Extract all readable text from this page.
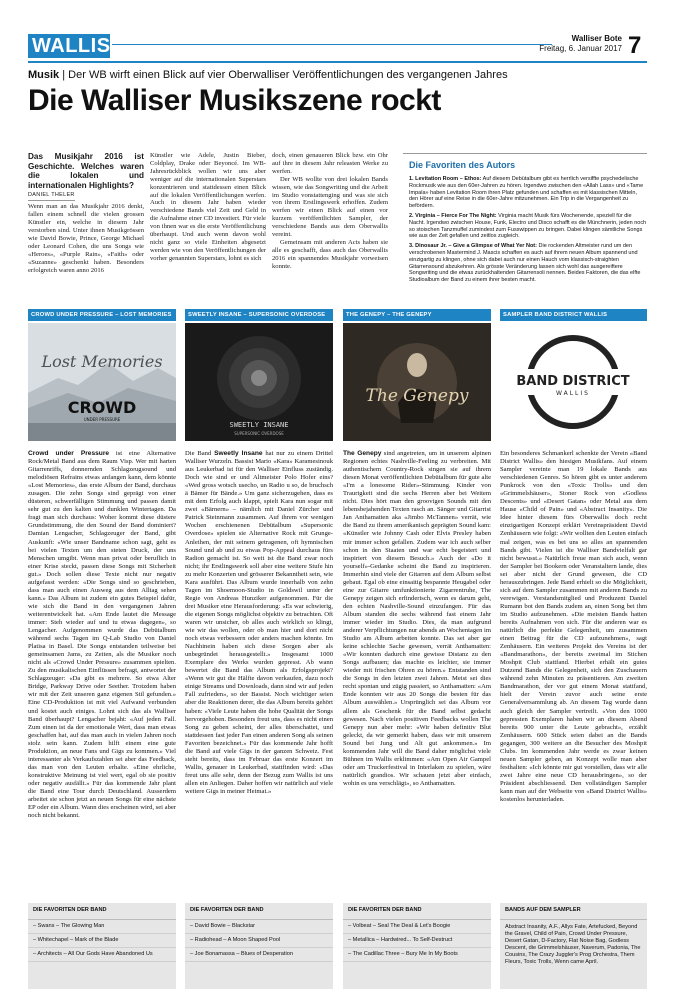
WALLIS	Walliser Bote
Freitag, 6. Januar 2017 7
Musik | Der WB wirft einen Blick auf vier Oberwalliser Veröffentlichungen des vergangenen Jahres
Die Walliser Musikszene rockt

Das Musikjahr 2016 ist Geschichte. Welches waren die lokalen und internationalen Highlights?

DANIEL THELER

Wenn man an das Musikjahr 2016 denkt, fallen einem schnell die vielen grossen Künstler ein, welche in diesem Jahr verstorben sind. Unter ihnen Musikgrössen wie David Bowie, Prince, George Michael oder Leonard Cohen, die uns Songs wie «Heroes», «Purple Rain», «Faith» oder «Suzanne» geschenkt haben. Besonders erfolgreich waren anno 2016

Künstler wie Adele, Justin Bieber, Coldplay, Drake oder Beyoncé. Im WB-Jahresrückblick wollen wir uns aber weniger auf die internationalen Superstars konzentrieren und stattdessen einen Blick auf die lokalen Veröffentlichungen werfen. Auch in diesem Jahr haben wieder verschiedene Bands viel Zeit und Geld in die Aufnahme einer CD investiert. Für viele von ihnen war es die erste Veröffentlichung überhaupt. Und auch wenn davon wohl nicht ganz so viele Einheiten abgesetzt werden wie von den Veröffentlichungen der vorher genannten Superstars, lohnt es sich

doch, einen genaueren Blick bzw. ein Ohr auf ihre in diesem Jahr releasten Werke zu werfen.

Der WB wollte von drei lokalen Bands wissen, wie das Songwriting und die Arbeit im Studio vonstattenging und was sie sich von ihrem Erstlingswerk erhoffen. Zudem werfen wir einen Blick auf einen vor kurzem veröffentlichten Sampler, der verschiedene Bands aus dem Oberwallis vereint.

Gemeinsam mit anderen Acts haben sie alle es geschafft, dass auch das Oberwallis 2016 ein spannendes Musikjahr vorweisen konnte.

Die Favoriten des Autors
1. Levitation Room – Ethos: Auf diesem Debütalbum gibt es herrlich versiffte psychedelische Rockmusik wie aus den 60er-Jahren zu hören. Irgendwo zwischen den «Allah Lass» und «Tame Impala» haben Levitation Room ihren Platz gefunden und schaffen es mit klassischen Mitteln, den Hörer auf eine Reise in die 60er-Jahre mitzunehmen. Ein Trip in die Vergangenheit zu befördern.
2. Virginia – Fierce For The Night: Virginia macht Musik fürs Wochenende, speziell für die Nacht. Irgendwo zwischen House, Funk, Electro und Disco schafft es die Münchnerin, jeden noch so stoischen Tanzmuffel zumindest zum Fusswippen zu bringen. Dabei klingen sämtliche Songs wie aus der Zeit gefallen und zeitlos zugleich.
3. Dinosaur Jr. – Give a Glimpse of What Yer Not: Die rockenden Altmeister rund um den verschrobenen Mastermind J. Mascis schaffen es auch auf ihrem neuen Album spannend und einzigartig zu klingen, ohne sich dabei auch nur einen Hauch vom klassisch-straighten Gitarrensound abzukehren. Als grösste Veränderung lassen sich wohl das ausgereiftere Songwriting und die etwas zurückhaltenden Gitarrensoli nennen. Beides Faktoren, die das elfte Studioalbum der Band zu einem ihrer besten macht.
CROWD UNDER PRESSURE – LOST MEMORIES
Lost Memories
CROWD
UNDER PRESSURE

Crowd under Pressure ist eine Alternative Rock/Metal Band aus dem Raum Visp. Wer mit harten Gitarrenriffs, donnernden Schlagzeugsound und melodiösen Refrains etwas anfangen kann, dem könnte «Lost Memories», das erste Album der Band, durchaus zusagen. Die zehn Songs sind geprägt von einer düsteren, schwerfälligen Stimmung und passen damit sehr gut zu den kalten und dunklen Wintertagen. Da fragt man sich durchaus: Woher kommt diese düstere Grundstimmung, die den Sound der Band dominiert? Damian Lengacher, Schlagzeuger der Band, gibt Auskunft: «Wie unser Bandname schon sagt, geht es bei vielen Texten um den steten Druck, der uns Menschen umgibt. Wenn man privat oder beruflich in einer Krise steckt, passen diese Songs mit Sicherheit gut.» Doch sollen diese Texte nicht nur negativ aufgefasst werden: «Die Songs sind so geschrieben, dass man auch einen Ausweg aus dem Alltag sehen kann.» Das Album ist zudem ein gutes Beispiel dafür, wie sich die Band in den vergangenen Jahren weiterentwickelt hat. «Am Ende lautet die Message immer: Steh wieder auf und tu etwas dagegen», so Lengacher. Aufgenommen wurde das Debütalbum während sechs Tagen im Q-Lab Studio von Daniel Platisa in Basel. Die Songs entstanden teilweise bei gemeinsamen Jams, zu Zeiten, als die Musiker noch nicht als «Crowd Under Pressure» zusammen spielten. Zu den musikalischen Einflüssen befragt, antwortet der Schlagzeuger: «Da gibt es mehrere. So etwa Alter Bridge, Parkway Drive oder Seether. Trotzdem haben wir mit der Zeit unseren ganz eigenen Stil gefunden.» Eine CD-Produktion ist mit viel Aufwand verbunden und kostet auch einiges. Lohnt sich das als Walliser Band überhaupt? Lengacher bejaht: «Auf jeden Fall. Zum einen ist da der emotionale Wert, dass man etwas geschaffen hat, auf das man auch in vielen Jahren noch stolz sein kann. Zudem hilft einem eine gute Produktion, an neue Fans und Gigs zu kommen.» Viel interessanter als Verkaufszahlen sei aber das Feedback, das man von den Leuten erhalte. «Eine ehrliche, konstruktive Meinung ist viel wert, egal ob sie positiv oder negativ ausfällt.» Für das kommende Jahr plant die Band eine Tour durch Deutschland. Ausserdem arbeitet sie schon jetzt an neuen Songs für eine nächste EP oder ein Album. Wann dies erscheinen wird, sei aber noch nicht bekannt.

SWEETLY INSANE – SUPERSONIC OVERDOSE
SWEETLY INSANE
SUPERSONIC OVERDOSE

Die Band Sweetly Insane hat nur zu einem Drittel Walliser Wurzeln. Bassist Mario «Kara» Karamesinouk aus Leukerbad ist für den Walliser Einfluss zuständig. Doch wie sind er und Altmeister Polo Hofer eins? «Wed gross wotsch usecho, un Radio u so, de bruchsch ä Bämer für Bände.» Um ganz sicherzugehen, dass es mit dem Erfolg auch klappt, spielt Kara nun sogar mit zwei «Bärnern» – nämlich mit Daniel Zürcher und Patrick Steinmann zusammen. Auf ihrem vor wenigen Wochen erschienenen Debütalbum «Supersonic Overdose» spielen sie Alternative Rock mit Grunge-Anleihen, der mit seinem getragenen, oft hymnischen Sound und ab und zu etwas Pop-Appeal durchaus fürs Radion gemacht ist. So weit ist die Band zwar noch nicht; ihr Erstlingswerk soll aber eine weitere Stufe hin zu mehr Konzerten und grösserer Bekanntheit sein, wie Kara ausführt. Das Album wurde innerhalb von zehn Tagen im Shoemoon-Studio in Goldswil unter der Regie von Andreas Hunziker aufgenommen. Für die drei Musiker eine Herausforderung: «Es war schwierig, die eigenen Songs möglichst objektiv zu betrachten. Oft waren wir unsicher, ob alles auch wirklich so klingt, wie wir das wollen, oder ob man hier und dort nicht noch etwas verbessern oder anders machen könnte. Im Nachhinein haben sich diese Sorgen aber als unbegründet herausgestellt.» Insgesamt 1000 Exemplare des Werks wurden gepresst. Ab wann bewertet die Band das Album als Erfolgsprojekt? «Wenn wir gut die Hälfte davon verkaufen, dazu noch einige Streams und Downloads, dann sind wir auf jeden Fall zufrieden», so der Bassist. Noch wichtiger seien aber die Reaktionen derer, die das Album bereits gehört haben: «Viele Leute haben die hohe Qualität der Songs hervorgehoben. Besonders freut uns, dass es nicht einen Song zu geben scheint, der alles überschattet, und stattdessen fast jeder Fan einen anderen Song als seinen Favoriten bezeichnet.» Für das kommende Jahr hofft die Band auf viele Gigs in der ganzen Schweiz. Fest steht bereits, dass im Februar das erste Konzert im Wallis, genauer in Leukerbad, stattfinden wird: «Das freut uns alle sehr, denn der Bezug zum Wallis ist uns allen ein Anliegen. Daher hoffen wir natürlich auf viele weitere Gigs in meiner Heimat.»

THE GENEPY – THE GENEPY
The Genepy

The Genepy sind angetreten, um in unserem alpinen Regionen echtes Nashville-Feeling zu verbreiten. Mit authentischem Country-Rock singen sie auf ihrem diesen Monat veröffentlichten Debütalbum für gute alte «I'm a lonesome Rider»-Stimmung. Kinder von Traurigkeit sind die sechs Herren aber bei Weitem nicht. Dies hört man den groovigen Sounds mit den lebensbejahenden Texten rasch an. Sänger und Gitarrist Jan Anthamatten aka «Jimbo McTannen» verrät, wie die Band zu ihrem amerikanisch geprägten Sound kam: «Künstler wie Johnny Cash oder Elvis Presley haben mir immer schon gefallen. Zudem war ich auch selber schon in den Staaten und war echt begeistert und inspiriert von diesem Besuch.» Auch der «Do it yourself»-Gedanke scheint die Band zu inspirieren. Immerhin sind viele der Gitarren auf dem Album selbst gebaut. Egal ob eine einsaitig bespannte Heugabel oder eine zur Gitarre umfunktionierte Zigarrentruhe, The Genepy zeigen sich erfinderisch, wenn es darum geht, den echten Nashville-Sound einzufangen. Für das Album standen die sechs während fast einem Jahr immer wieder im Studio. Dies, da man aufgrund anderer Verpflichtungen nur abends an Wochentagen im Studio am Album arbeiten konnte. Das sei aber gar keine schlechte Sache gewesen, verrät Anthamatten: «Wir konnten dadurch eine gewisse Distanz zu den Songs aufbauen; das machte es leichter, sie immer wieder mit frischen Ohren zu hören.» Entstanden sind die Songs in den letzten zwei Jahren. Meist sei dies recht spontan und zügig passiert, so Anthamatten: «Am Ende konnten wir aus 20 Songs die besten für das Album auswählen.» Ursprünglich sei das Album vor allem als Geschenk für die Band selbst gedacht gewesen. Nach vielen positiven Feedbacks wollen The Genepy nun aber mehr: «Wir haben definitiv Blut geleckt, da wir gemerkt haben, dass wir mit unserem Sound bei Jung und Alt gut ankommen.» Im kommenden Jahr will die Band daher möglichst viele Bühnen im Wallis erklimmen: «Am Open Air Gampel oder am Truckerfestival in Interlaken zu spielen, wäre natürlich grandios. Wir schauen jetzt aber einfach, wohin es uns verschlägt», so Anthamatten.

SAMPLER BAND DISTRICT WALLIS
BAND DISTRICT
WALLIS

Ein besonderes Schmankerl schenkte der Verein «Band District Wallis» den hiesigen Musikfans. Auf einem Sampler vereinte man 19 lokale Bands aus verschiedenen Genres. So hören gibt es unter anderem Punkrock von den «Toxic Trolls» und den «Grimmelshäuser», Stoner Rock von «Godless Descents» und «Desert Gatan» oder Metal aus dem Hause «Child of Pain» und «Abstract Insanity». Die Idee hinter diesem fürs Oberwallis doch recht einzigartigen Konzept erklärt Vereinspräsident David Zenhäusern wie folgt: «Wir wollten den Leuten einfach mal zeigen, was es bei uns so alles an spannenden Bands gibt. Vielen ist die Walliser Bandvielfalt gar nicht bewusst.» Natürlich freue man sich auch, wenn der Sampler bei Bookern oder Veranstaltern lande, dies sei aber nicht der Grund gewesen, die CD herauszubringen. Jede Band erhielt so die Möglichkeit, sich auf dem Sampler zusammen mit anderen Bands zu verewigen. Vorstandsmitglied und Produzent Daniel Rumann bot den Bands zudem an, einen Song bei ihm im Studio aufzunehmen. «Die meisten Bands hatten bereits Aufnahmen von sich. Für die anderen war es natürlich die perfekte Gelegenheit, um zusammen einen Beitrag für die CD aufzunehmen», sagt Zenhäusern. Ein weiteres Projekt des Vereins ist der «Bandmarathon», der bereits zweimal im Stichen Moshpit Club stattfand. Hierbei erhält ein gutes Dutzend Bands die Gelegenheit, sich den Zuschauern während zehn Minuten zu präsentieren. Am zweiten Bandmarathon, der vor gut einem Monat stattfand, hielt der Verein zuvor auch seine erste Generalversammlung ab. An diesem Tag wurde dann auch gleich der Sampler vertreilt. «Von den 1000 gepressten Exemplaren haben wir an diesem Abend bereits 900 unter die Leute gebracht», erzählt Zenhäusern. 600 Stück seien dabei an die Bands gegangen, 300 weitere an die Besucher des Moshpit Clubs. Im kommenden Jahr werde es zwar keinen neuen Sampler geben, an Konzept wolle man aber festhalten: «Ich könnte mir gut vorstellen, dass wir alle zwei Jahre eine neue CD herausbringen», so der Präsident abschliessend. Den vollständigen Sampler kann man auf der Webseite von «Band District Wallis» kostenlos herunterladen.

DIE FAVORITEN DER BAND
– Swans – The Glowing Man
– Whitechapel – Mark of the Blade
– Architects – All Our Gods Have Abandoned Us
DIE FAVORITEN DER BAND
– David Bowie – Blackstar
– Radiohead – A Moon Shaped Pool
– Joe Bonamassa – Blues of Desperation
DIE FAVORITEN DER BAND
– Volbeat – Seal The Deal & Let's Boogie
– Metallica – Hardwired... To Self-Destruct
– The Cadillac Three – Bury Me In My Boots
BANDS AUF DEM SAMPLER
Abstract Insanity, A.F., Allys Fate, Artefucked, Beyond the Gravel, Child of Pain, Crowd Under Pressure, Desert Gatan, D-Factory, Flat Noise Bag, Godless Descent, die Grimmelshäuser, Naverum, Padonia, The Cousins, The Crazy Juggler's Prog Orchestra, Them Fleurs, Toxic Trolls, Wenn came April.
